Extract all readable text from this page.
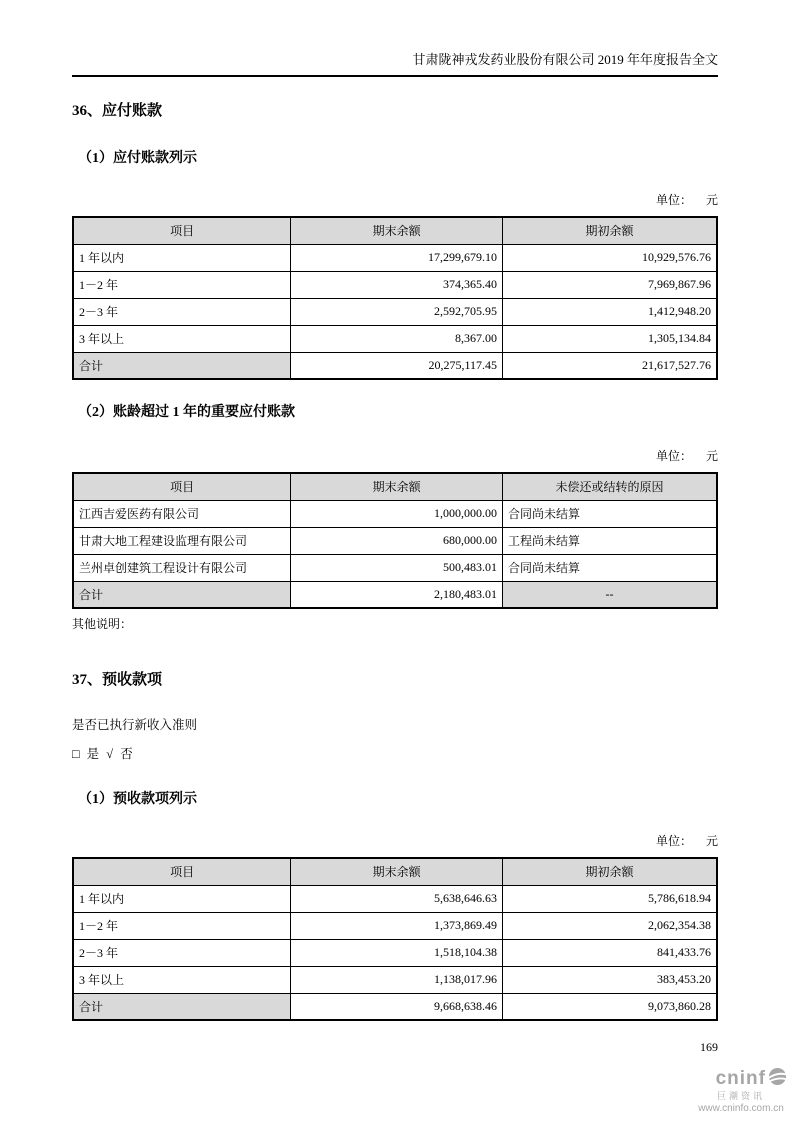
甘肃陇神戎发药业股份有限公司 2019 年年度报告全文
36、应付账款
（1）应付账款列示
单位： 元
项目	期末余额	期初余额
1 年以内	17,299,679.10	10,929,576.76
1－2 年	374,365.40	7,969,867.96
2－3 年	2,592,705.95	1,412,948.20
3 年以上	8,367.00	1,305,134.84
合计	20,275,117.45	21,617,527.76
（2）账龄超过 1 年的重要应付账款
单位： 元
项目	期末余额	未偿还或结转的原因
江西吉爱医药有限公司	1,000,000.00	合同尚未结算
甘肃大地工程建设监理有限公司	680,000.00	工程尚未结算
兰州卓创建筑工程设计有限公司	500,483.01	合同尚未结算
合计	2,180,483.01	--
其他说明：
37、预收款项
是否已执行新收入准则
□ 是 √ 否
（1）预收款项列示
单位： 元
项目	期末余额	期初余额
1 年以内	5,638,646.63	5,786,618.94
1－2 年	1,373,869.49	2,062,354.38
2－3 年	1,518,104.38	841,433.76
3 年以上	1,138,017.96	383,453.20
合计	9,668,638.46	9,073,860.28
169
cninf
巨潮资讯
www.cninfo.com.cn
